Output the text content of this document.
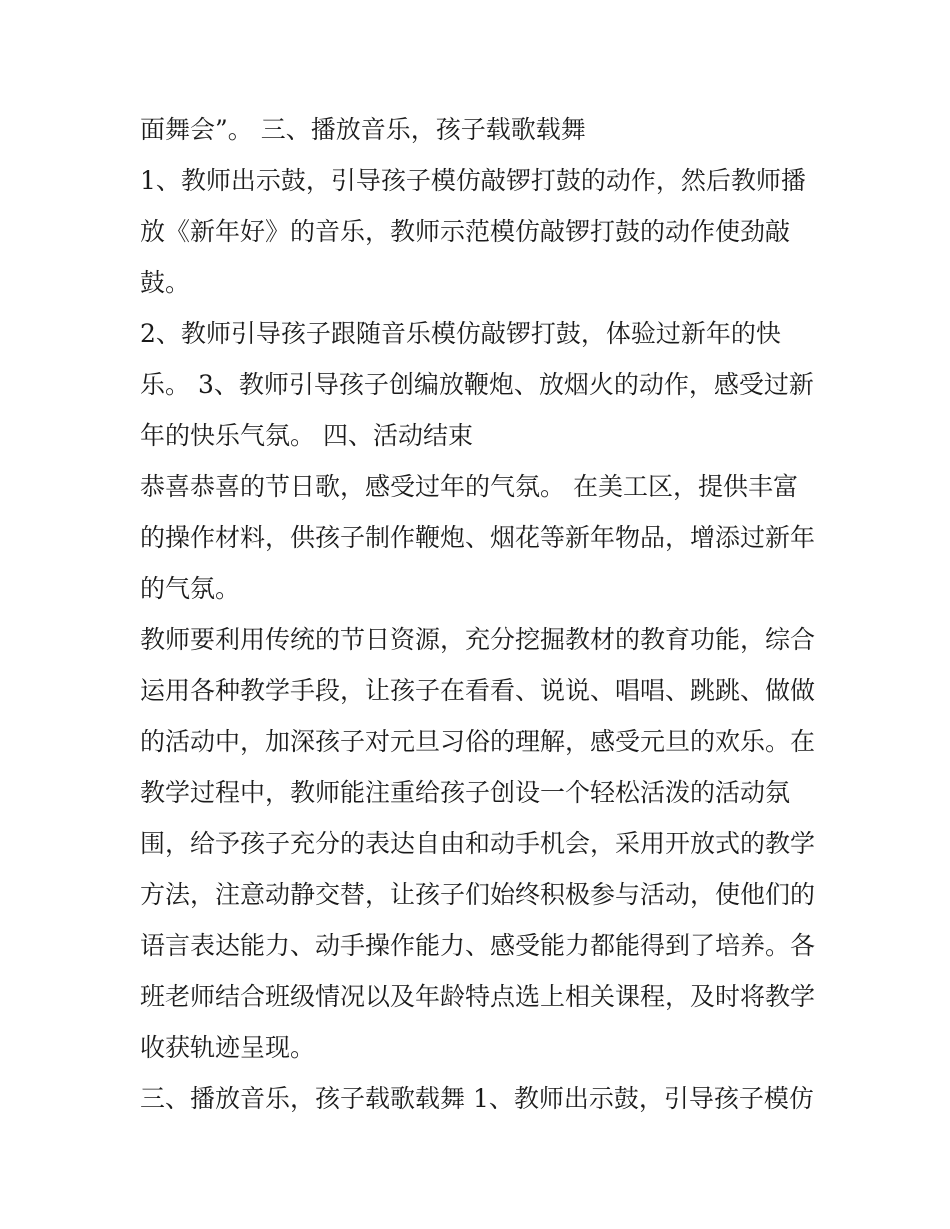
面舞会”。 三、播放音乐，孩子载歌载舞

1、教师出示鼓，引导孩子模仿敲锣打鼓的动作，然后教师播
放《新年好》的音乐，教师示范模仿敲锣打鼓的动作使劲敲
鼓。

2、教师引导孩子跟随音乐模仿敲锣打鼓，体验过新年的快
乐。 3、教师引导孩子创编放鞭炮、放烟火的动作，感受过新
年的快乐气氛。 四、活动结束

恭喜恭喜的节日歌，感受过年的气氛。 在美工区，提供丰富
的操作材料，供孩子制作鞭炮、烟花等新年物品，增添过新年
的气氛。

教师要利用传统的节日资源，充分挖掘教材的教育功能，综合
运用各种教学手段，让孩子在看看、说说、唱唱、跳跳、做做
的活动中，加深孩子对元旦习俗的理解，感受元旦的欢乐。在
教学过程中，教师能注重给孩子创设一个轻松活泼的活动氛
围，给予孩子充分的表达自由和动手机会，采用开放式的教学
方法，注意动静交替，让孩子们始终积极参与活动，使他们的
语言表达能力、动手操作能力、感受能力都能得到了培养。各
班老师结合班级情况以及年龄特点选上相关课程，及时将教学
收获轨迹呈现。

三、播放音乐，孩子载歌载舞 1、教师出示鼓，引导孩子模仿
